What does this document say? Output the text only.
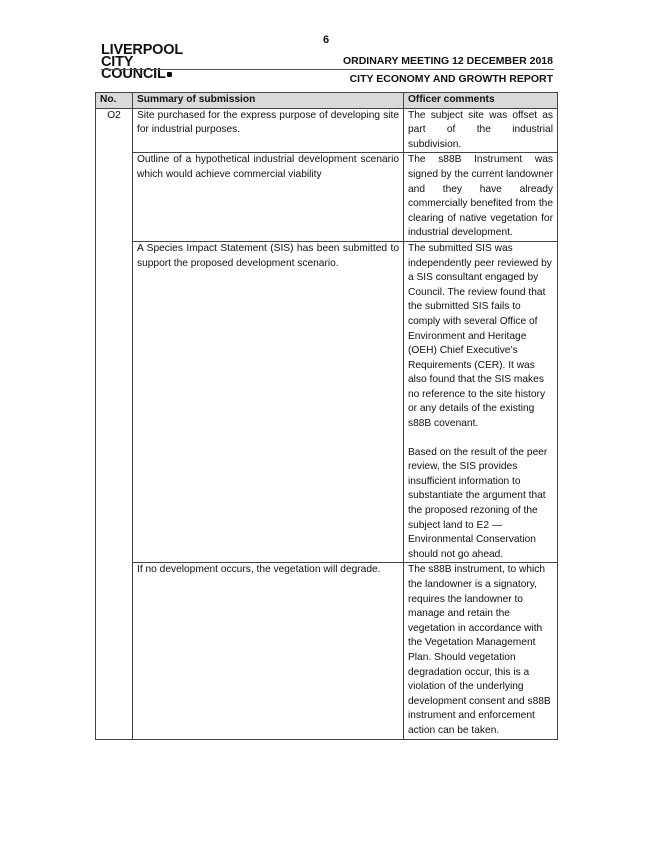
6
LIVERPOOL
CITY
COUNCIL
ORDINARY MEETING 12 DECEMBER 2018
CITY ECONOMY AND GROWTH REPORT
No.	Summary of submission	Officer comments
O2	Site purchased for the express purpose of developing site for industrial purposes.	The subject site was offset as part of the industrial subdivision.
	Outline of a hypothetical industrial development scenario which would achieve commercial viability	The s88B Instrument was signed by the current landowner and they have already commercially benefited from the clearing of native vegetation for industrial development.
	A Species Impact Statement (SIS) has been submitted to support the proposed development scenario.	The submitted SIS was independently peer reviewed by a SIS consultant engaged by Council. The review found that the submitted SIS fails to comply with several Office of Environment and Heritage (OEH) Chief Executive’s Requirements (CER). It was also found that the SIS makes no reference to the site history or any details of the existing s88B covenant.
Based on the result of the peer review, the SIS provides insufficient information to substantiate the argument that the proposed rezoning of the subject land to E2 — Environmental Conservation should not go ahead.

	If no development occurs, the vegetation will degrade.	The s88B instrument, to which the landowner is a signatory, requires the landowner to manage and retain the vegetation in accordance with the Vegetation Management Plan. Should vegetation degradation occur, this is a violation of the underlying development consent and s88B instrument and enforcement action can be taken.
